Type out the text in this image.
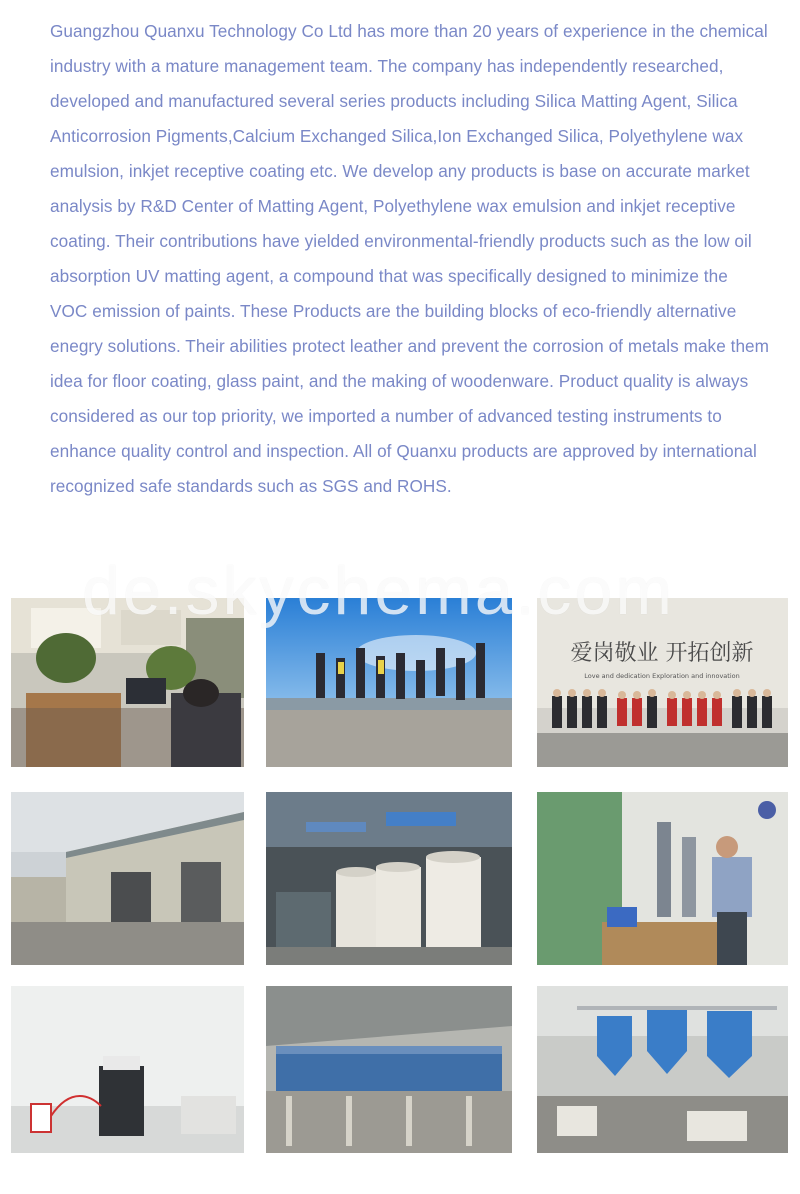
Guangzhou Quanxu Technology Co Ltd has more than 20 years of experience in the chemical industry with a mature management team. The company has independently researched, developed and manufactured several series products including Silica Matting Agent, Silica Anticorrosion Pigments,Calcium Exchanged Silica,Ion Exchanged Silica, Polyethylene wax emulsion, inkjet receptive coating etc. We develop any products is base on accurate market analysis by R&D Center of Matting Agent, Polyethylene wax emulsion and inkjet receptive coating. Their contributions have yielded environmental-friendly products such as the low oil absorption UV matting agent, a compound that was specifically designed to minimize the VOC emission of paints. These Products are the building blocks of eco-friendly alternative enegry solutions. Their abilities protect leather and prevent the corrosion of metals make them idea for floor coating, glass paint, and the making of woodenware. Product quality is always considered as our top priority, we imported a number of advanced testing instruments to enhance quality control and inspection. All of Quanxu products are approved by international recognized safe standards such as SGS and ROHS.

de.skychema.com
爱岗敬业 开拓创新
Love and dedication Exploration and innovation
